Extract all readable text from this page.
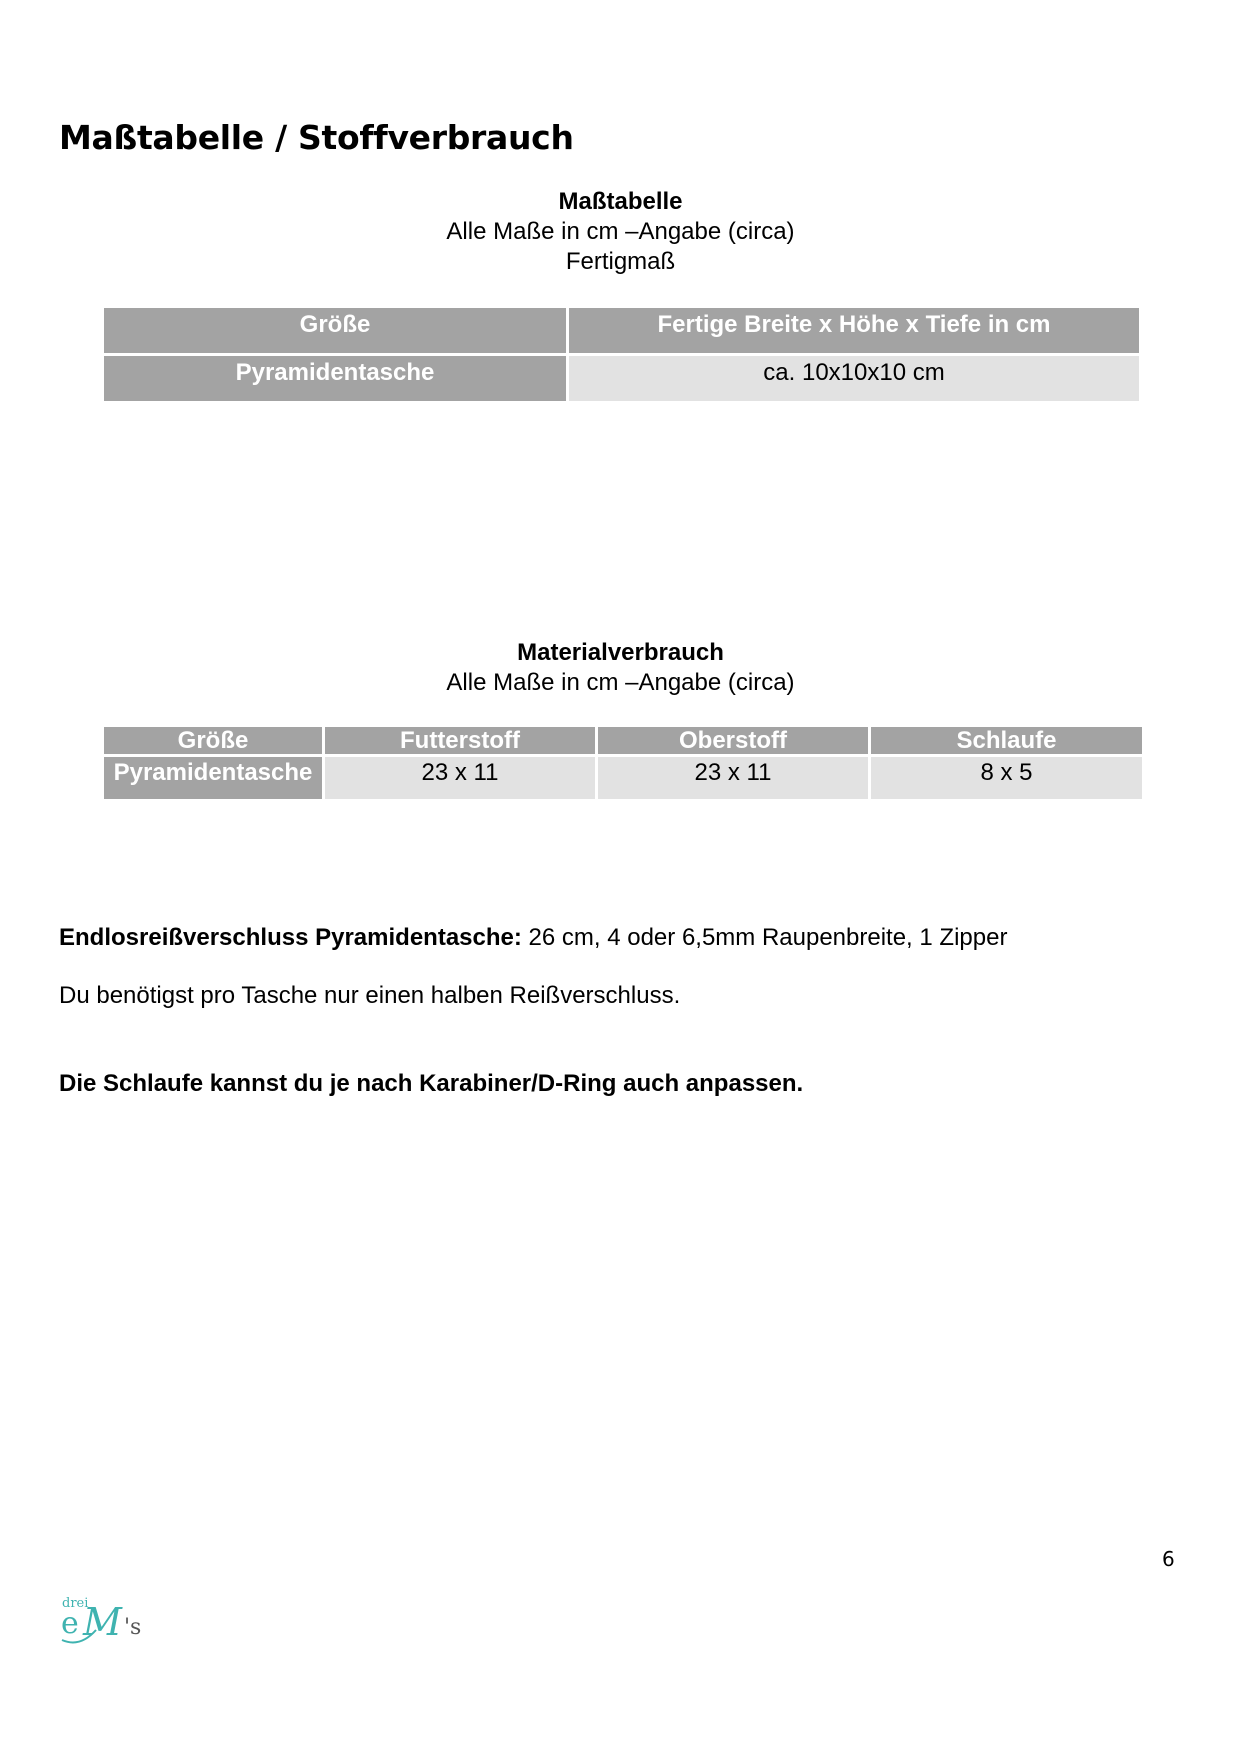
Maßtabelle / Stoffverbrauch
Maßtabelle
Alle Maße in cm –Angabe (circa)
Fertigmaß
Größe	Fertige Breite x Höhe x Tiefe in cm
Pyramidentasche	ca. 10x10x10 cm
Materialverbrauch
Alle Maße in cm –Angabe (circa)
Größe	Futterstoff	Oberstoff	Schlaufe
Pyramidentasche	23 x 11	23 x 11	8 x 5

Endlosreißverschluss Pyramidentasche: 26 cm, 4 oder 6,5mm Raupenbreite, 1 Zipper

Du benötigst pro Tasche nur einen halben Reißverschluss.

Die Schlaufe kannst du je nach Karabiner/D-Ring auch anpassen.

6
drei
e M 's
